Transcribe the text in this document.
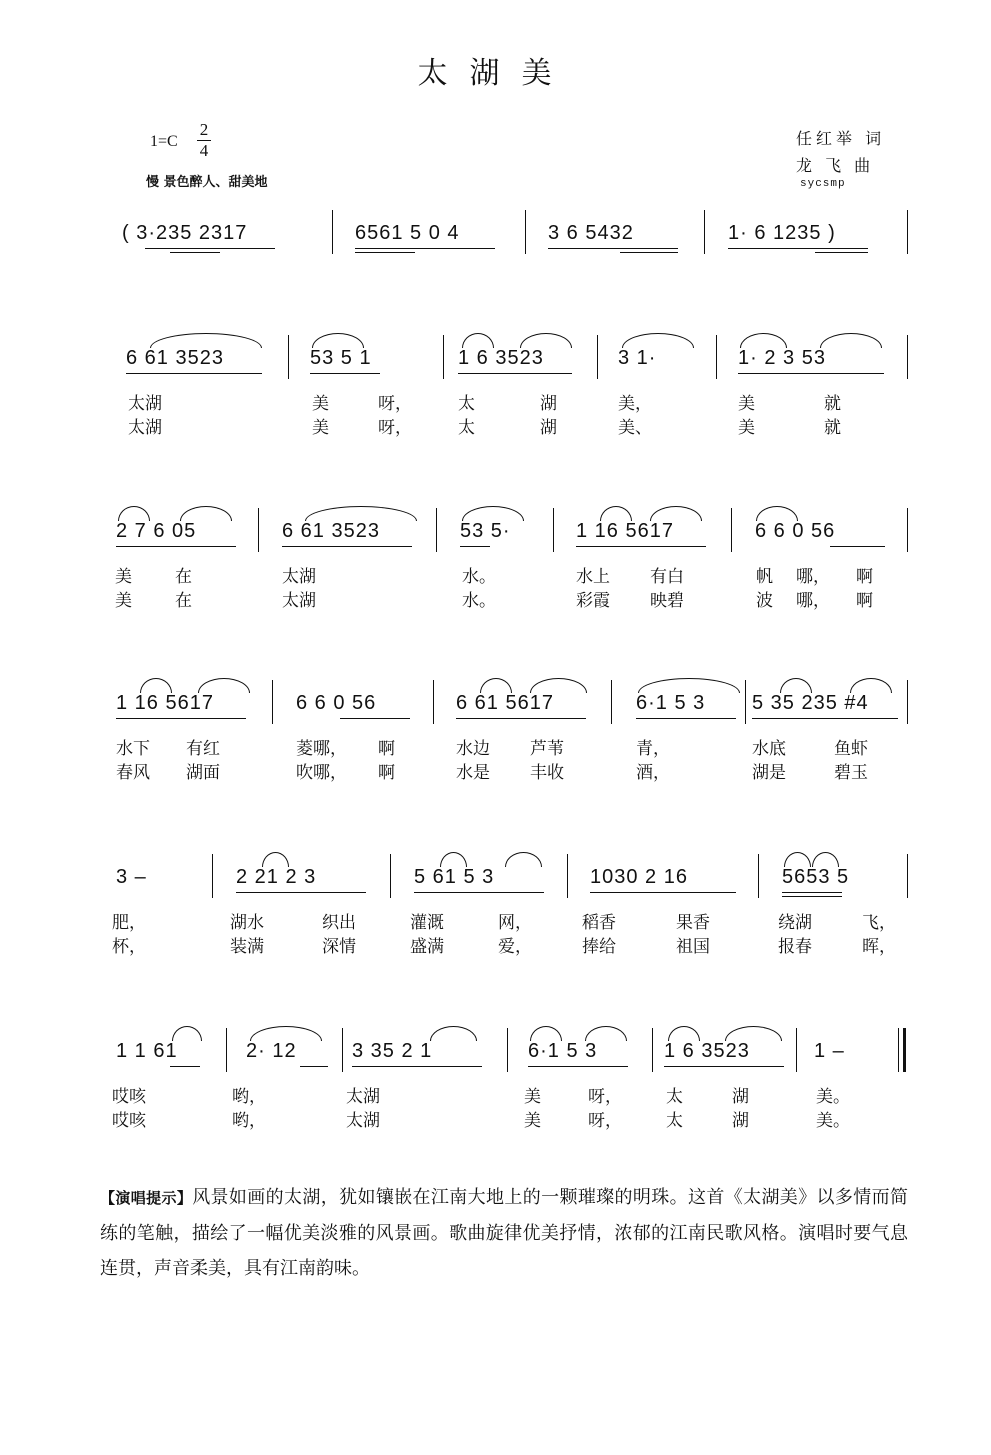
太湖美
1=C
2
4
慢 景色醉人、甜美地
任红举 词
龙 飞 曲
sycsmp
( 3·235 2317	6561 5 0 4	3 6 5432	1· 6 1235 )
6 61 3523	53 5 1	1 6 3523	3 1·	1· 2 3 53
太湖	美	呀，	太	湖	美，	美	就
太湖	美	呀，	太	湖	美、	美	就
2 7 6 05	6 61 3523	53 5·	1 16 5617	6 6 0 56
美	在	太湖	水。	水上 有白	帆 哪， 啊
美	在	太湖	水。	彩霞 映碧	波 哪， 啊
1 16 5617	6 6 0 56	6 61 5617	6·1 5 3 5 35 235 #4
水下 有红	菱哪， 啊	水边 芦苇	青，	水底	鱼虾
春风 湖面	吹哪， 啊	水是 丰收	酒，	湖是	碧玉
3 –	2 21 2 3	5 61 5 3	1030 2 16	5653 5
肥，	湖水	织出	灌溉	网，	稻香	果香	绕湖	飞，
杯，	装满	深情	盛满	爱，	捧给	祖国	报春	晖，
1 1 61	2· 12	3 35 2 1	6·1 5 3	1 6 3523	1 –
哎咳	哟，	太湖	美	呀，	太	湖	美。
哎咳	哟，	太湖	美	呀，	太	湖	美。
【演唱提示】风景如画的太湖，犹如镶嵌在江南大地上的一颗璀璨的明珠。这首《太湖美》以多情而简练的笔触，描绘了一幅优美淡雅的风景画。歌曲旋律优美抒情，浓郁的江南民歌风格。演唱时要气息连贯，声音柔美，具有江南韵味。
